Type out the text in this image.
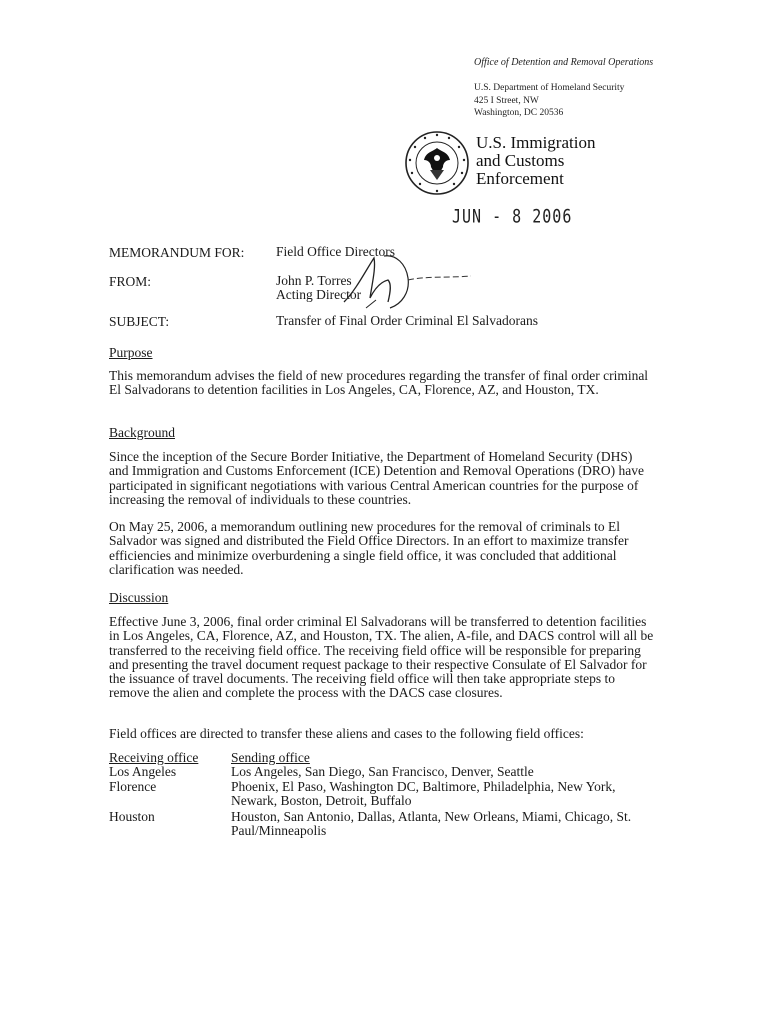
Office of Detention and Removal Operations
U.S. Department of Homeland Security
425 I Street, NW
Washington, DC 20536
U.S. Immigration
and Customs
Enforcement
JUN - 8 2006
MEMORANDUM FOR: Field Office Directors
FROM:	John P. Torres
Acting Director
SUBJECT:	Transfer of Final Order Criminal El Salvadorans
Purpose
This memorandum advises the field of new procedures regarding the transfer of final order criminal El Salvadorans to detention facilities in Los Angeles, CA, Florence, AZ, and Houston, TX.
Background
Since the inception of the Secure Border Initiative, the Department of Homeland Security (DHS) and Immigration and Customs Enforcement (ICE) Detention and Removal Operations (DRO) have participated in significant negotiations with various Central American countries for the purpose of increasing the removal of individuals to these countries.
On May 25, 2006, a memorandum outlining new procedures for the removal of criminals to El Salvador was signed and distributed the Field Office Directors. In an effort to maximize transfer efficiencies and minimize overburdening a single field office, it was concluded that additional clarification was needed.
Discussion
Effective June 3, 2006, final order criminal El Salvadorans will be transferred to detention facilities in Los Angeles, CA, Florence, AZ, and Houston, TX. The alien, A-file, and DACS control will all be transferred to the receiving field office. The receiving field office will be responsible for preparing and presenting the travel document request package to their respective Consulate of El Salvador for the issuance of travel documents. The receiving field office will then take appropriate steps to remove the alien and complete the process with the DACS case closures.
Field offices are directed to transfer these aliens and cases to the following field offices:
Receiving office	Sending office
Los Angeles	Los Angeles, San Diego, San Francisco, Denver, Seattle
Florence	Phoenix, El Paso, Washington DC, Baltimore, Philadelphia, New York, Newark, Boston, Detroit, Buffalo
Houston	Houston, San Antonio, Dallas, Atlanta, New Orleans, Miami, Chicago, St. Paul/Minneapolis
